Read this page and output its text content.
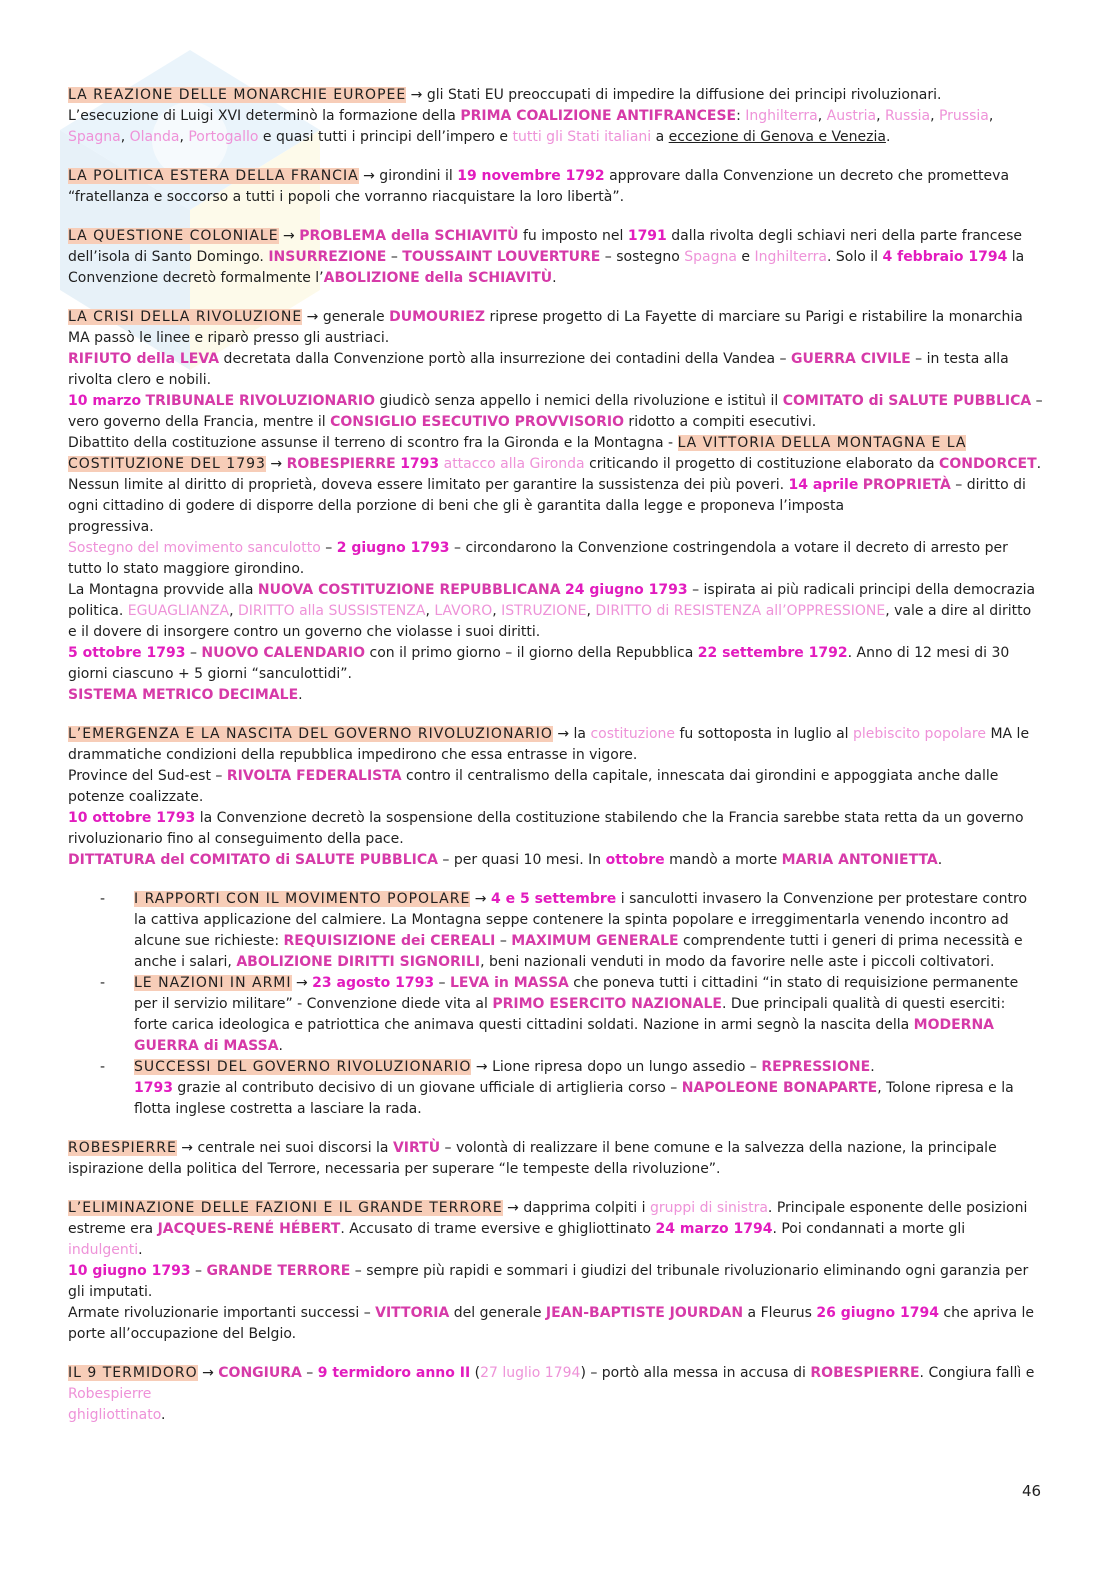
LA REAZIONE DELLE MONARCHIE EUROPEE → gli Stati EU preoccupati di impedire la diffusione dei principi rivoluzionari.

L’esecuzione di Luigi XVI determinò la formazione della PRIMA COALIZIONE ANTIFRANCESE: Inghilterra, Austria, Russia, Prussia, Spagna, Olanda, Portogallo e quasi tutti i principi dell’impero e tutti gli Stati italiani a eccezione di Genova e Venezia.

LA POLITICA ESTERA DELLA FRANCIA → girondini il 19 novembre 1792 approvare dalla Convenzione un decreto che prometteva “fratellanza e soccorso a tutti i popoli che vorranno riacquistare la loro libertà”.

LA QUESTIONE COLONIALE → PROBLEMA della SCHIAVITÙ fu imposto nel 1791 dalla rivolta degli schiavi neri della parte francese dell’isola di Santo Domingo. INSURREZIONE – TOUSSAINT LOUVERTURE – sostegno Spagna e Inghilterra. Solo il 4 febbraio 1794 la Convenzione decretò formalmente l’ABOLIZIONE della SCHIAVITÙ.

LA CRISI DELLA RIVOLUZIONE → generale DUMOURIEZ riprese progetto di La Fayette di marciare su Parigi e ristabilire la monarchia MA passò le linee e riparò presso gli austriaci.

RIFIUTO della LEVA decretata dalla Convenzione portò alla insurrezione dei contadini della Vandea – GUERRA CIVILE – in testa alla rivolta clero e nobili.

10 marzo TRIBUNALE RIVOLUZIONARIO giudicò senza appello i nemici della rivoluzione e istituì il COMITATO di SALUTE PUBBLICA – vero governo della Francia, mentre il CONSIGLIO ESECUTIVO PROVVISORIO ridotto a compiti esecutivi.

Dibattito della costituzione assunse il terreno di scontro fra la Gironda e la Montagna - LA VITTORIA DELLA MONTAGNA E LA COSTITUZIONE DEL 1793 → ROBESPIERRE 1793 attacco alla Gironda criticando il progetto di costituzione elaborato da CONDORCET.

Nessun limite al diritto di proprietà, doveva essere limitato per garantire la sussistenza dei più poveri. 14 aprile PROPRIETÀ – diritto di ogni cittadino di godere di disporre della porzione di beni che gli è garantita dalla legge e proponeva l’imposta

progressiva.

Sostegno del movimento sanculotto – 2 giugno 1793 – circondarono la Convenzione costringendola a votare il decreto di arresto per tutto lo stato maggiore girondino.

La Montagna provvide alla NUOVA COSTITUZIONE REPUBBLICANA 24 giugno 1793 – ispirata ai più radicali principi della democrazia politica. EGUAGLIANZA, DIRITTO alla SUSSISTENZA, LAVORO, ISTRUZIONE, DIRITTO di RESISTENZA all’OPPRESSIONE, vale a dire al diritto e il dovere di insorgere contro un governo che violasse i suoi diritti.

5 ottobre 1793 – NUOVO CALENDARIO con il primo giorno – il giorno della Repubblica 22 settembre 1792. Anno di 12 mesi di 30 giorni ciascuno + 5 giorni “sanculottidi”.

SISTEMA METRICO DECIMALE.

L’EMERGENZA E LA NASCITA DEL GOVERNO RIVOLUZIONARIO → la costituzione fu sottoposta in luglio al plebiscito popolare MA le drammatiche condizioni della repubblica impedirono che essa entrasse in vigore.

Province del Sud-est – RIVOLTA FEDERALISTA contro il centralismo della capitale, innescata dai girondini e appoggiata anche dalle potenze coalizzate.

10 ottobre 1793 la Convenzione decretò la sospensione della costituzione stabilendo che la Francia sarebbe stata retta da un governo rivoluzionario fino al conseguimento della pace.

DITTATURA del COMITATO di SALUTE PUBBLICA – per quasi 10 mesi. In ottobre mandò a morte MARIA ANTONIETTA.

- I RAPPORTI CON IL MOVIMENTO POPOLARE → 4 e 5 settembre i sanculotti invasero la Convenzione per protestare contro la cattiva applicazione del calmiere. La Montagna seppe contenere la spinta popolare e irreggimentarla venendo incontro ad alcune sue richieste: REQUISIZIONE dei CEREALI – MAXIMUM GENERALE comprendente tutti i generi di prima necessità e anche i salari, ABOLIZIONE DIRITTI SIGNORILI, beni nazionali venduti in modo da favorire nelle aste i piccoli coltivatori.
- LE NAZIONI IN ARMI → 23 agosto 1793 – LEVA in MASSA che poneva tutti i cittadini “in stato di requisizione permanente per il servizio militare” - Convenzione diede vita al PRIMO ESERCITO NAZIONALE. Due principali qualità di questi eserciti: forte carica ideologica e patriottica che animava questi cittadini soldati. Nazione in armi segnò la nascita della MODERNA GUERRA di MASSA.
- SUCCESSI DEL GOVERNO RIVOLUZIONARIO → Lione ripresa dopo un lungo assedio – REPRESSIONE.
1793 grazie al contributo decisivo di un giovane ufficiale di artiglieria corso – NAPOLEONE BONAPARTE, Tolone ripresa e la flotta inglese costretta a lasciare la rada.

ROBESPIERRE → centrale nei suoi discorsi la VIRTÙ – volontà di realizzare il bene comune e la salvezza della nazione, la principale ispirazione della politica del Terrore, necessaria per superare “le tempeste della rivoluzione”.

L’ELIMINAZIONE DELLE FAZIONI E IL GRANDE TERRORE → dapprima colpiti i gruppi di sinistra. Principale esponente delle posizioni estreme era JACQUES-RENÉ HÉBERT. Accusato di trame eversive e ghigliottinato 24 marzo 1794. Poi condannati a morte gli indulgenti.

10 giugno 1793 – GRANDE TERRORE – sempre più rapidi e sommari i giudizi del tribunale rivoluzionario eliminando ogni garanzia per gli imputati.

Armate rivoluzionarie importanti successi – VITTORIA del generale JEAN-BAPTISTE JOURDAN a Fleurus 26 giugno 1794 che apriva le porte all’occupazione del Belgio.

IL 9 TERMIDORO → CONGIURA – 9 termidoro anno II (27 luglio 1794) – portò alla messa in accusa di ROBESPIERRE. Congiura fallì e

Robespierre

ghigliottinato.

46
